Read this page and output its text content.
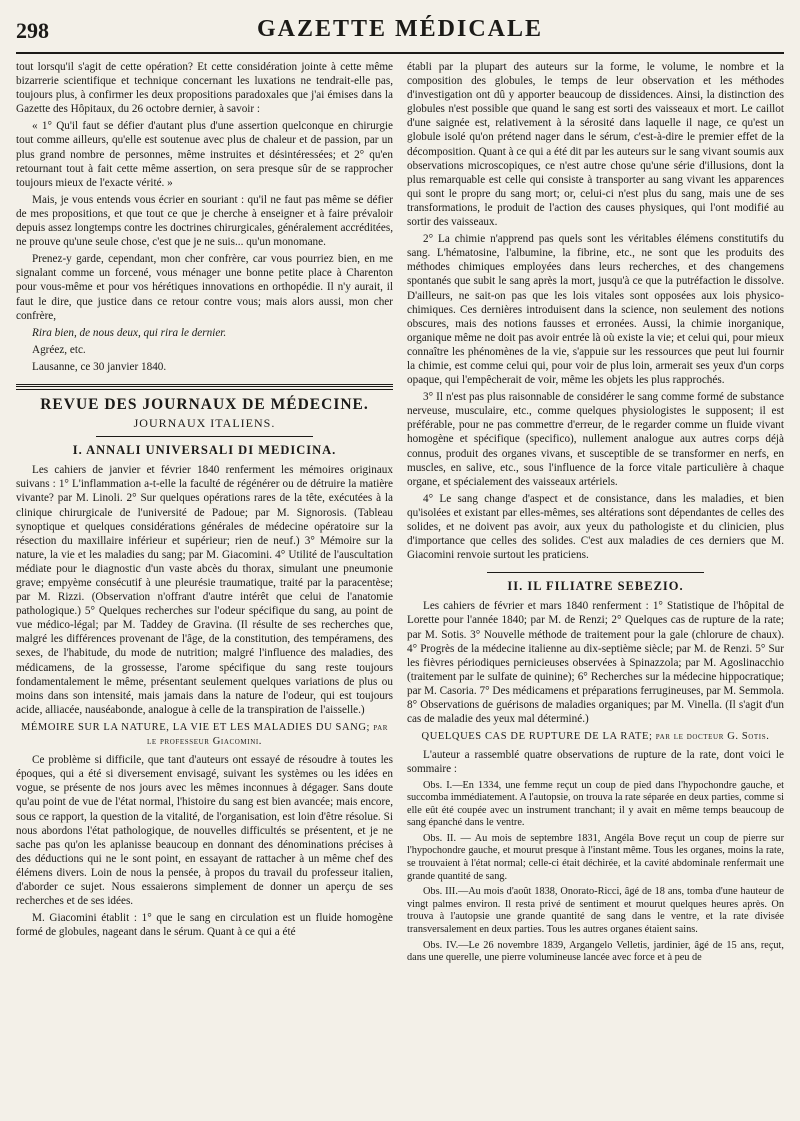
298	GAZETTE MÉDICALE

tout lorsqu'il s'agit de cette opération? Et cette considération jointe à cette même bizarrerie scientifique et technique concernant les luxations ne tendrait-elle pas, toujours plus, à confirmer les deux propositions paradoxales que j'ai émises dans la Gazette des Hôpitaux, du 26 octobre dernier, à savoir :

« 1° Qu'il faut se défier d'autant plus d'une assertion quelconque en chirurgie tout comme ailleurs, qu'elle est soutenue avec plus de chaleur et de passion, par un plus grand nombre de personnes, même instruites et désintéressées; et 2° qu'en retournant tout à fait cette même assertion, on sera presque sûr de se rapprocher toujours mieux de l'exacte vérité. »

Mais, je vous entends vous écrier en souriant : qu'il ne faut pas même se défier de mes propositions, et que tout ce que je cherche à enseigner et à faire prévaloir depuis assez longtemps contre les doctrines chirurgicales, généralement accréditées, ne prouve qu'une seule chose, c'est que je ne suis... qu'un monomane.

Prenez-y garde, cependant, mon cher confrère, car vous pourriez bien, en me signalant comme un forcené, vous ménager une bonne petite place à Charenton pour vous-même et pour vos hérétiques innovations en orthopédie. Il n'y aurait, il faut le dire, que justice dans ce retour contre vous; mais alors aussi, mon cher confrère,

Rira bien, de nous deux, qui rira le dernier.

Agréez, etc.

Lausanne, ce 30 janvier 1840.

REVUE DES JOURNAUX DE MÉDECINE.
JOURNAUX ITALIENS.
I. ANNALI UNIVERSALI DI MEDICINA.

Les cahiers de janvier et février 1840 renferment les mémoires originaux suivans : 1° L'inflammation a-t-elle la faculté de régénérer ou de détruire la matière vivante? par M. Linoli. 2° Sur quelques opérations rares de la tête, exécutées à la clinique chirurgicale de l'université de Padoue; par M. Signorosis. (Tableau synoptique et quelques considérations générales de médecine opératoire sur la résection du maxillaire inférieur et supérieur; rien de neuf.) 3° Mémoire sur la nature, la vie et les maladies du sang; par M. Giacomini. 4° Utilité de l'auscultation médiate pour le diagnostic d'un vaste abcès du thorax, simulant une pneumonie grave; empyème consécutif à une pleurésie traumatique, traité par la paracentèse; par M. Rizzi. (Observation n'offrant d'autre intérêt que celui de l'anatomie pathologique.) 5° Quelques recherches sur l'odeur spécifique du sang, au point de vue médico-légal; par M. Taddey de Gravina. (Il résulte de ses recherches que, malgré les différences provenant de l'âge, de la constitution, des tempéramens, des sexes, de l'habitude, du mode de nutrition; malgré l'influence des maladies, des médicamens, de la grossesse, l'arome spécifique du sang reste toujours fondamentalement le même, présentant seulement quelques variations de plus ou moins dans son intensité, mais jamais dans la nature de l'odeur, qui est toujours acide, alliacée, nauséabonde, analogue à celle de la transpiration de l'aisselle.)

MÉMOIRE SUR LA NATURE, LA VIE ET LES MALADIES DU SANG; par le professeur Giacomini.

Ce problème si difficile, que tant d'auteurs ont essayé de résoudre à toutes les époques, qui a été si diversement envisagé, suivant les systèmes ou les idées en vogue, se présente de nos jours avec les mêmes inconnues à dégager. Sans doute qu'au point de vue de l'état normal, l'histoire du sang est bien avancée; mais encore, sous ce rapport, la question de la vitalité, de l'organisation, est loin d'être résolue. Si nous abordons l'état pathologique, de nouvelles difficultés se présentent, et je ne sache pas qu'on les aplanisse beaucoup en donnant des dénominations précises à des déductions qui ne le sont point, en essayant de rattacher à un même chef des élémens divers. Loin de nous la pensée, à propos du travail du professeur italien, d'aborder ce sujet. Nous essaierons simplement de donner un aperçu de ses recherches et de ses idées.

M. Giacomini établit : 1° que le sang en circulation est un fluide homogène formé de globules, nageant dans le sérum. Quant à ce qui a été

établi par la plupart des auteurs sur la forme, le volume, le nombre et la composition des globules, le temps de leur observation et les méthodes d'investigation ont dû y apporter beaucoup de dissidences. Ainsi, la distinction des globules n'est possible que quand le sang est sorti des vaisseaux et mort. Le caillot d'une saignée est, relativement à la sérosité dans laquelle il nage, ce qu'est un globule isolé qu'on prétend nager dans le sérum, c'est-à-dire le premier effet de la décomposition. Quant à ce qui a été dit par les auteurs sur le sang vivant soumis aux observations microscopiques, ce n'est autre chose qu'une série d'illusions, dont la plus remarquable est celle qui consiste à transporter au sang vivant les apparences qui sont le propre du sang mort; or, celui-ci n'est plus du sang, mais une de ses transformations, le produit de l'action des causes physiques, qui l'ont modifié au sortir des vaisseaux.

2° La chimie n'apprend pas quels sont les véritables élémens constitutifs du sang. L'hématosine, l'albumine, la fibrine, etc., ne sont que les produits des méthodes chimiques employées dans leurs recherches, et des changemens spontanés que subit le sang après la mort, jusqu'à ce que la putréfaction le dissolve. D'ailleurs, ne sait-on pas que les lois vitales sont opposées aux lois physico-chimiques. Ces dernières introduisent dans la science, non seulement des notions obscures, mais des notions fausses et erronées. Aussi, la chimie inorganique, organique même ne doit pas avoir entrée là où existe la vie; et celui qui, pour mieux connaître les phénomènes de la vie, s'appuie sur les ressources que peut lui fournir la chimie, est comme celui qui, pour voir de plus loin, armerait ses yeux d'un corps opaque, qui l'empêcherait de voir, même les objets les plus rapprochés.

3° Il n'est pas plus raisonnable de considérer le sang comme formé de substance nerveuse, musculaire, etc., comme quelques physiologistes le supposent; il est préférable, pour ne pas commettre d'erreur, de le regarder comme un fluide vivant homogène et spécifique (specifico), nullement analogue aux autres corps déjà connus, produit des organes vivans, et susceptible de se transformer en nerfs, en muscles, en salive, etc., sous l'influence de la force vitale particulière à chaque organe, et spécialement des vaisseaux artériels.

4° Le sang change d'aspect et de consistance, dans les maladies, et bien qu'isolées et existant par elles-mêmes, ses altérations sont dépendantes de celles des solides, et ne doivent pas avoir, aux yeux du pathologiste et du clinicien, plus d'importance que celles des solides. C'est aux maladies de ces derniers que M. Giacomini renvoie surtout les praticiens.

II. IL FILIATRE SEBEZIO.

Les cahiers de février et mars 1840 renferment : 1° Statistique de l'hôpital de Lorette pour l'année 1840; par M. de Renzi; 2° Quelques cas de rupture de la rate; par M. Sotis. 3° Nouvelle méthode de traitement pour la gale (chlorure de chaux). 4° Progrès de la médecine italienne au dix-septième siècle; par M. de Renzi. 5° Sur les fièvres périodiques pernicieuses observées à Spinazzola; par M. Agoslinacchio (traitement par le sulfate de quinine); 6° Recherches sur la médecine hippocratique; par M. Casoria. 7° Des médicamens et préparations ferrugineuses, par M. Semmola. 8° Observations de guérisons de maladies organiques; par M. Vinella. (Il s'agit d'un cas de maladie des yeux mal déterminé.)

QUELQUES CAS DE RUPTURE DE LA RATE; par le docteur G. Sotis.

L'auteur a rassemblé quatre observations de rupture de la rate, dont voici le sommaire :

Obs. I.—En 1334, une femme reçut un coup de pied dans l'hypochondre gauche, et succomba immédiatement. A l'autopsie, on trouva la rate séparée en deux parties, comme si elle eût été coupée avec un instrument tranchant; il y avait en même temps beaucoup de sang épanché dans le ventre.

Obs. II. — Au mois de septembre 1831, Angéla Bove reçut un coup de pierre sur l'hypochondre gauche, et mourut presque à l'instant même. Tous les organes, moins la rate, se trouvaient à l'état normal; celle-ci était déchirée, et la cavité abdominale renfermait une grande quantité de sang.

Obs. III.—Au mois d'août 1838, Onorato-Ricci, âgé de 18 ans, tomba d'une hauteur de vingt palmes environ. Il resta privé de sentiment et mourut quelques heures après. On trouva à l'autopsie une grande quantité de sang dans le ventre, et la rate divisée transversalement en deux parties. Tous les autres organes étaient sains.

Obs. IV.—Le 26 novembre 1839, Argangelo Velletis, jardinier, âgé de 15 ans, reçut, dans une querelle, une pierre volumineuse lancée avec force et à peu de
